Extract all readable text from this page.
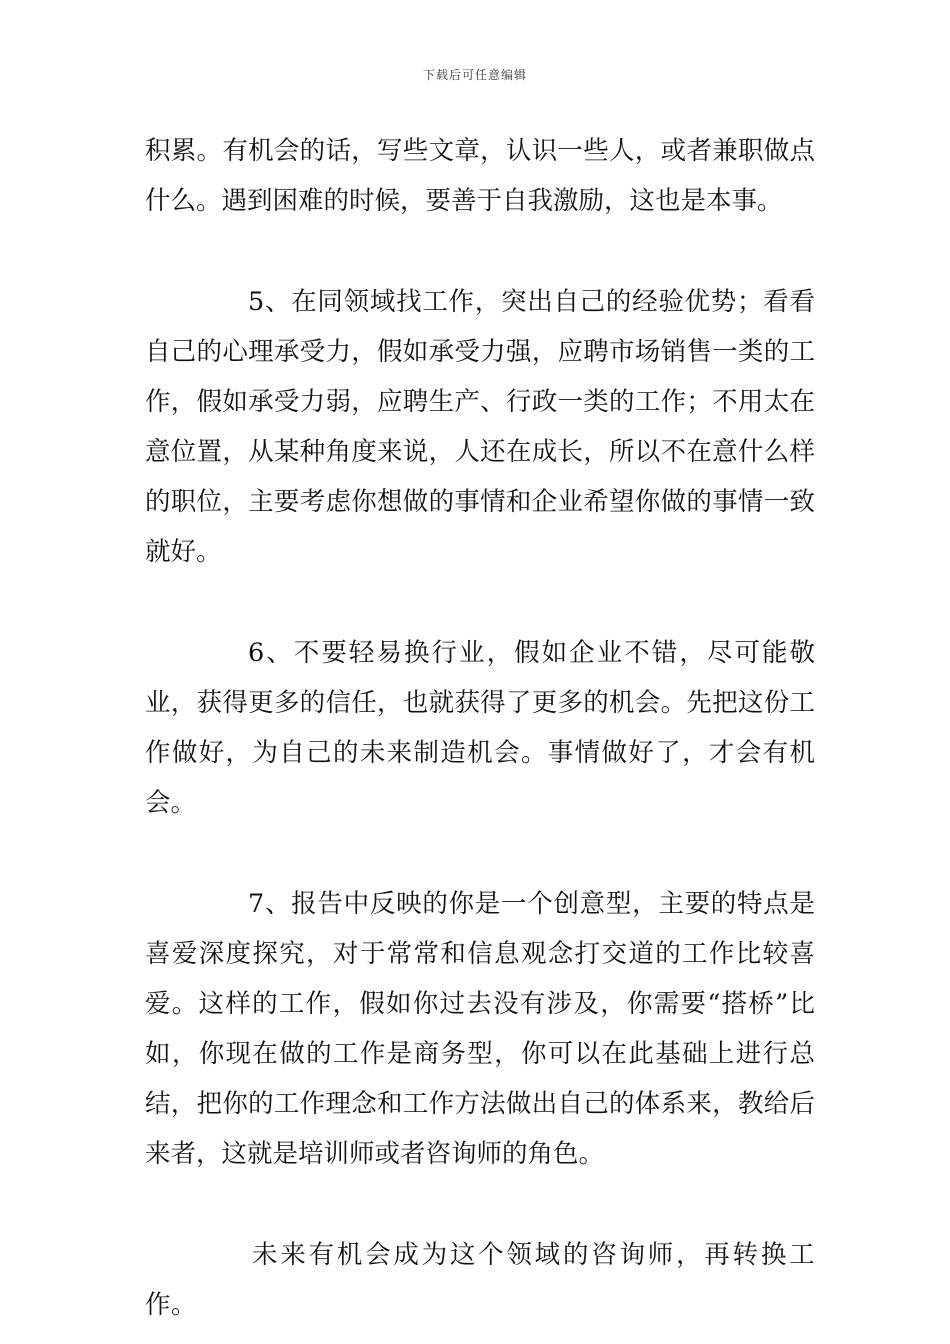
下载后可任意编辑

积累。有机会的话，写些文章，认识一些人，或者兼职做点什么。遇到困难的时候，要善于自我激励，这也是本事。

5、在同领域找工作，突出自己的经验优势；看看自己的心理承受力，假如承受力强，应聘市场销售一类的工作，假如承受力弱，应聘生产、行政一类的工作；不用太在意位置，从某种角度来说，人还在成长，所以不在意什么样的职位，主要考虑你想做的事情和企业希望你做的事情一致就好。

6、不要轻易换行业，假如企业不错，尽可能敬业，获得更多的信任，也就获得了更多的机会。先把这份工作做好，为自己的未来制造机会。事情做好了，才会有机会。

7、报告中反映的你是一个创意型，主要的特点是喜爱深度探究，对于常常和信息观念打交道的工作比较喜爱。这样的工作，假如你过去没有涉及，你需要“搭桥”比如，你现在做的工作是商务型，你可以在此基础上进行总结，把你的工作理念和工作方法做出自己的体系来，教给后来者，这就是培训师或者咨询师的角色。

未来有机会成为这个领域的咨询师，再转换工作。
